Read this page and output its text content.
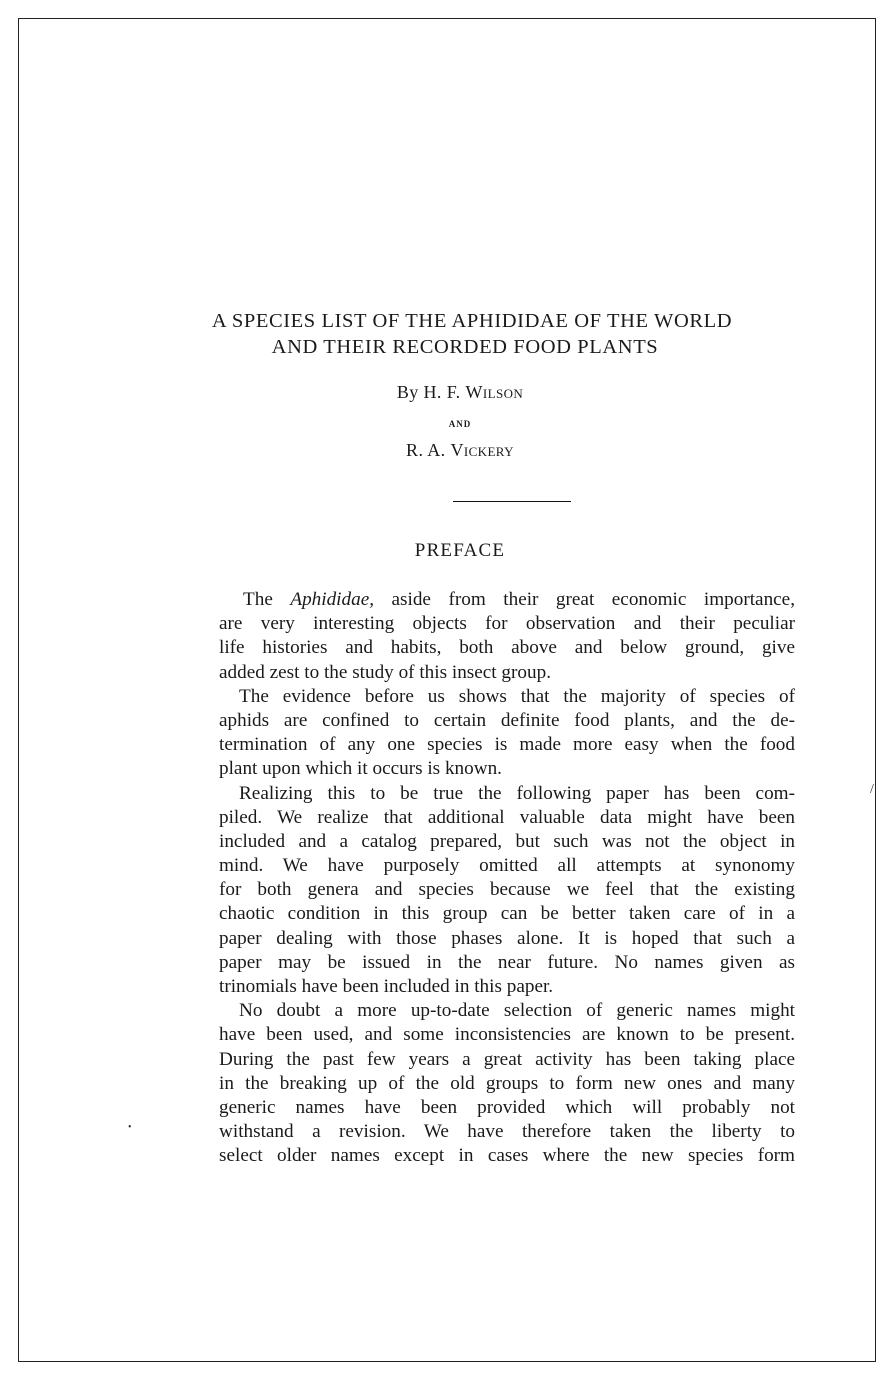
A SPECIES LIST OF THE APHIDIDAE OF THE WORLD
AND THEIR RECORDED FOOD PLANTS
By H. F. Wilson
and
R. A. Vickery
PREFACE
The Aphididae, aside from their great economic importance,
are very interesting objects for observation and their peculiar
life histories and habits, both above and below ground, give
added zest to the study of this insect group.
The evidence before us shows that the majority of species of
aphids are confined to certain definite food plants, and the de-
termination of any one species is made more easy when the food
plant upon which it occurs is known.
Realizing this to be true the following paper has been com-
piled. We realize that additional valuable data might have been
included and a catalog prepared, but such was not the object in
mind. We have purposely omitted all attempts at synonomy
for both genera and species because we feel that the existing
chaotic condition in this group can be better taken care of in a
paper dealing with those phases alone. It is hoped that such a
paper may be issued in the near future. No names given as
trinomials have been included in this paper.
No doubt a more up-to-date selection of generic names might
have been used, and some inconsistencies are known to be present.
During the past few years a great activity has been taking place
in the breaking up of the old groups to form new ones and many
generic names have been provided which will probably not
withstand a revision. We have therefore taken the liberty to
select older names except in cases where the new species form
/
•
